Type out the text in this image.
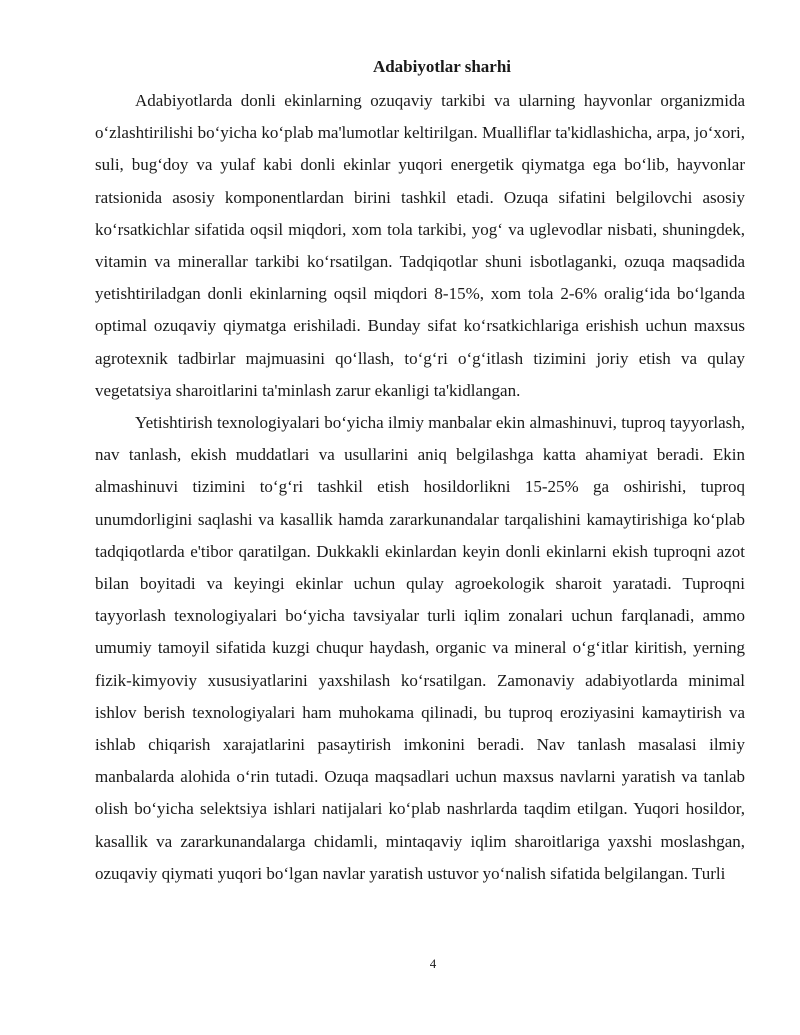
Adabiyotlar sharhi

Adabiyotlarda donli ekinlarning ozuqaviy tarkibi va ularning hayvonlar organizmida o‘zlashtirilishi bo‘yicha ko‘plab ma'lumotlar keltirilgan. Mualliflar ta'kidlashicha, arpa, jo‘xori, suli, bug‘doy va yulaf kabi donli ekinlar yuqori energetik qiymatga ega bo‘lib, hayvonlar ratsionida asosiy komponentlardan birini tashkil etadi. Ozuqa sifatini belgilovchi asosiy ko‘rsatkichlar sifatida oqsil miqdori, xom tola tarkibi, yog‘ va uglevodlar nisbati, shuningdek, vitamin va minerallar tarkibi ko‘rsatilgan. Tadqiqotlar shuni isbotlaganki, ozuqa maqsadida yetishtiriladgan donli ekinlarning oqsil miqdori 8-15%, xom tola 2-6% oralig‘ida bo‘lganda optimal ozuqaviy qiymatga erishiladi. Bunday sifat ko‘rsatkichlariga erishish uchun maxsus agrotexnik tadbirlar majmuasini qo‘llash, to‘g‘ri o‘g‘itlash tizimini joriy etish va qulay vegetatsiya sharoitlarini ta'minlash zarur ekanligi ta'kidlangan.

Yetishtirish texnologiyalari bo‘yicha ilmiy manbalar ekin almashinuvi, tuproq tayyorlash, nav tanlash, ekish muddatlari va usullarini aniq belgilashga katta ahamiyat beradi. Ekin almashinuvi tizimini to‘g‘ri tashkil etish hosildorlikni 15-25% ga oshirishi, tuproq unumdorligini saqlashi va kasallik hamda zararkunandalar tarqalishini kamaytirishiga ko‘plab tadqiqotlarda e'tibor qaratilgan. Dukkakli ekinlardan keyin donli ekinlarni ekish tuproqni azot bilan boyitadi va keyingi ekinlar uchun qulay agroekologik sharoit yaratadi. Tuproqni tayyorlash texnologiyalari bo‘yicha tavsiyalar turli iqlim zonalari uchun farqlanadi, ammo umumiy tamoyil sifatida kuzgi chuqur haydash, organic va mineral o‘g‘itlar kiritish, yerning fizik-kimyoviy xususiyatlarini yaxshilash ko‘rsatilgan. Zamonaviy adabiyotlarda minimal ishlov berish texnologiyalari ham muhokama qilinadi, bu tuproq eroziyasini kamaytirish va ishlab chiqarish xarajatlarini pasaytirish imkonini beradi. Nav tanlash masalasi ilmiy manbalarda alohida o‘rin tutadi. Ozuqa maqsadlari uchun maxsus navlarni yaratish va tanlab olish bo‘yicha selektsiya ishlari natijalari ko‘plab nashrlarda taqdim etilgan. Yuqori hosildor, kasallik va zararkunandalarga chidamli, mintaqaviy iqlim sharoitlariga yaxshi moslashgan, ozuqaviy qiymati yuqori bo‘lgan navlar yaratish ustuvor yo‘nalish sifatida belgilangan. Turli

4
